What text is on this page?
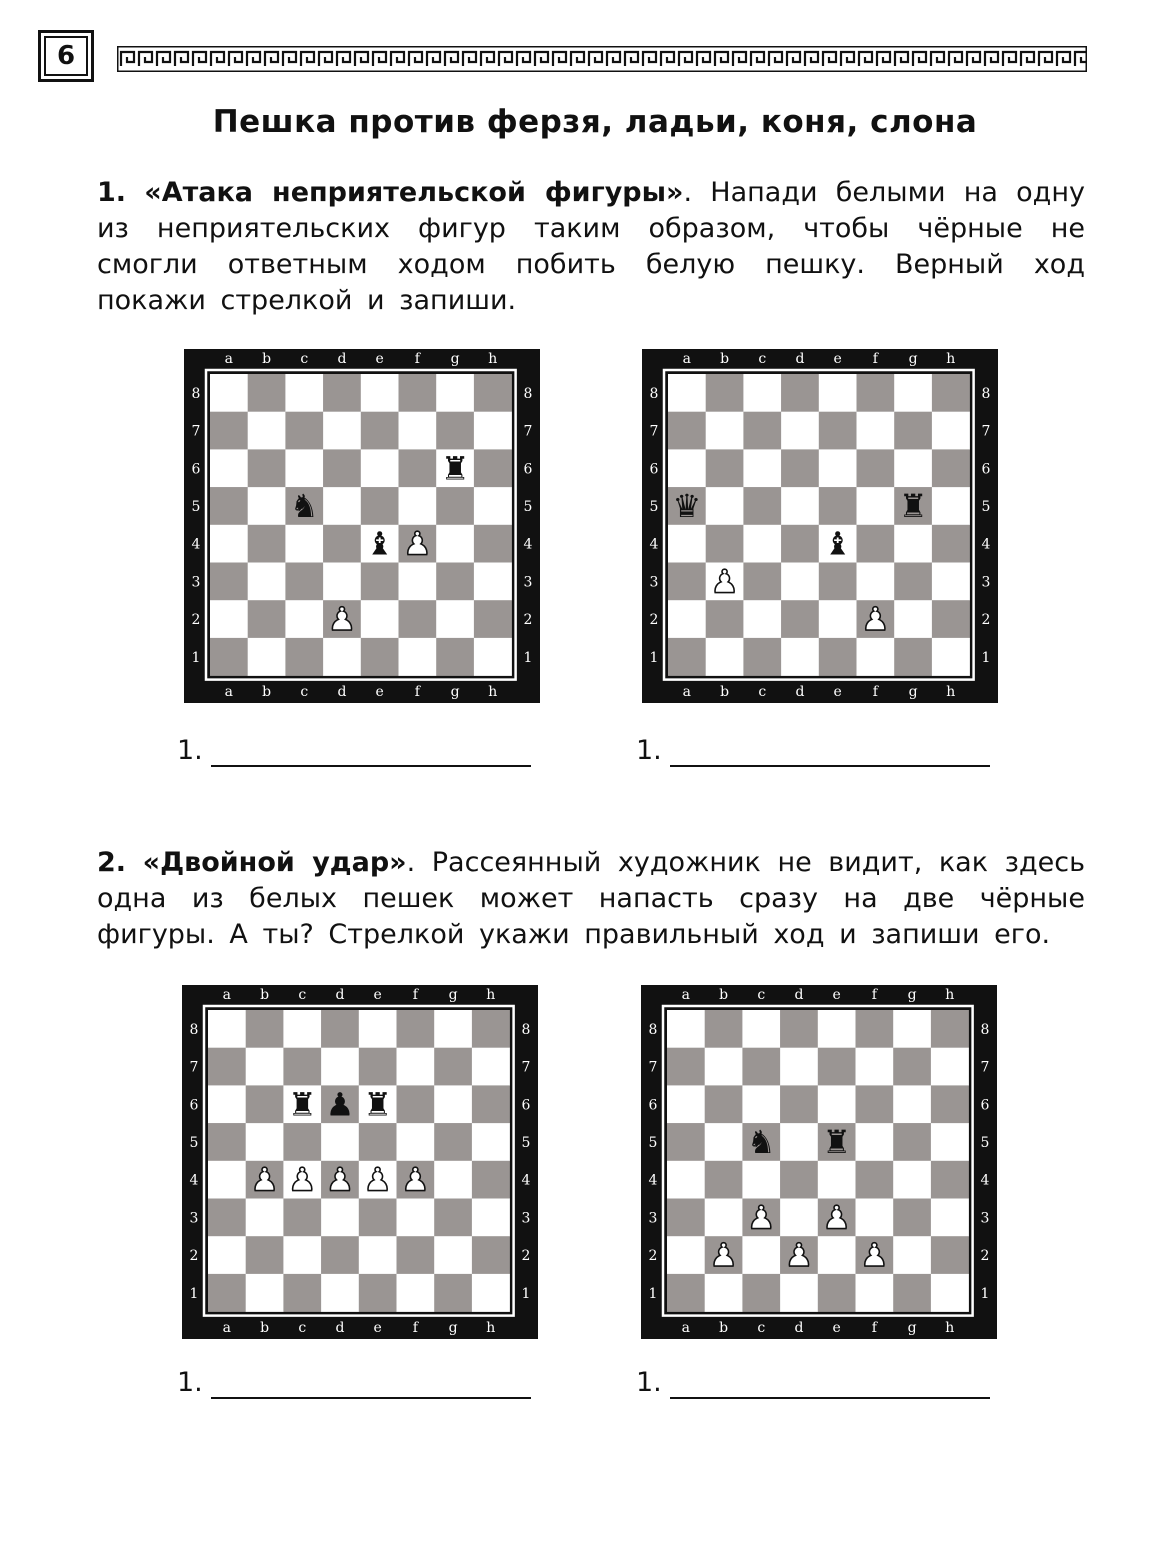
6
Пешка против ферзя, ладьи, коня, слона
1. «Атака неприятельской фигуры». Напади белыми на одну из неприятельских фигур таким образом, чтобы чёрные не смогли ответным ходом побить белую пешку. Верный ход покажи стрелкой и запиши.
a
a
b
b
c
c
d
d
e
e
f
f
g
g
h
h
8	8
7	7
6	6
5	5
4	4
3	3
2	2
1	1
♜
♞
♝ ♟
♟
a
a
b
b
c
c
d
d
e
e
f
f
g
g
h
h
8	8
7	7
6	6
5	5
4	4
3	3
2	2
1	1
♛	♜
♝
♟
♟
1.	1.
2. «Двойной удар». Рассеянный художник не видит, как здесь одна из белых пешек может напасть сразу на две чёрные фигуры. А ты? Стрелкой укажи правильный ход и запиши его.
a
a
b
b
c
c
d
d
e
e
f
f
g
g
h
h
8	8
7	7
6	6
5	5
4	4
3	3
2	2
1	1
♜ ♟ ♜
♟ ♟ ♟ ♟ ♟
a
a
b
b
c
c
d
d
e
e
f
f
g
g
h
h
8	8
7	7
6	6
5	5
4	4
3	3
2	2
1	1
♞ ♜
♟ ♟
♟ ♟ ♟
1.	1.
